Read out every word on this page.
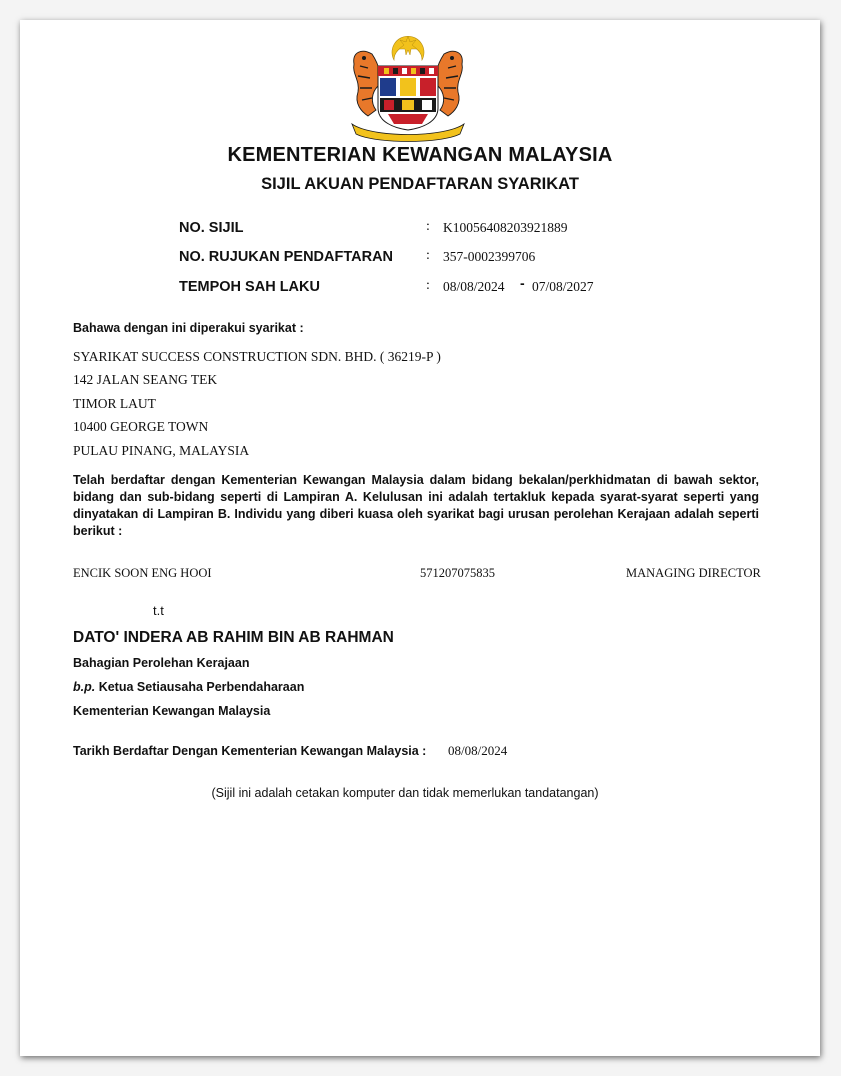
KEMENTERIAN KEWANGAN MALAYSIA
SIJIL AKUAN PENDAFTARAN SYARIKAT
NO. SIJIL	: K10056408203921889
NO. RUJUKAN PENDAFTARAN : 357-0002399706
TEMPOH SAH LAKU	: 08/08/2024 - 07/08/2027
Bahawa dengan ini diperakui syarikat :
SYARIKAT SUCCESS CONSTRUCTION SDN. BHD. ( 36219-P )
142 JALAN SEANG TEK
TIMOR LAUT
10400 GEORGE TOWN
PULAU PINANG, MALAYSIA
Telah berdaftar dengan Kementerian Kewangan Malaysia dalam bidang bekalan/perkhidmatan di bawah sektor, bidang dan sub-bidang seperti di Lampiran A. Kelulusan ini adalah tertakluk kepada syarat-syarat seperti yang dinyatakan di Lampiran B. Individu yang diberi kuasa oleh syarikat bagi urusan perolehan Kerajaan adalah seperti berikut :
ENCIK SOON ENG HOOI	571207075835	MANAGING DIRECTOR
t.t
DATO' INDERA AB RAHIM BIN AB RAHMAN
Bahagian Perolehan Kerajaan
b.p. Ketua Setiausaha Perbendaharaan
Kementerian Kewangan Malaysia
Tarikh Berdaftar Dengan Kementerian Kewangan Malaysia : 08/08/2024
(Sijil ini adalah cetakan komputer dan tidak memerlukan tandatangan)
